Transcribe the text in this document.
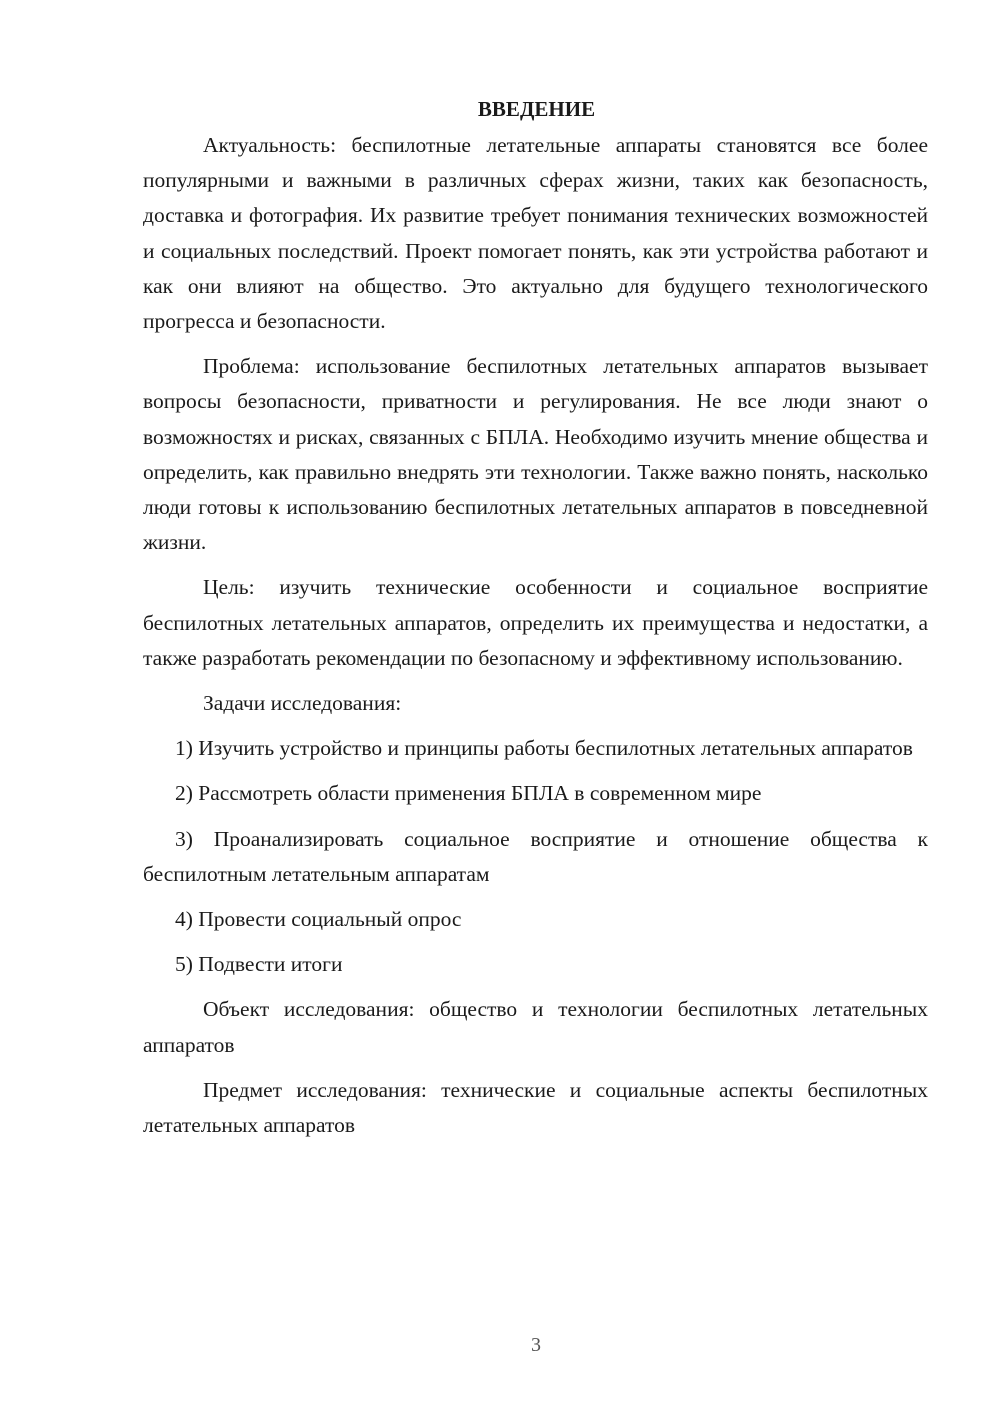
ВВЕДЕНИЕ

Актуальность: беспилотные летательные аппараты становятся все более популярными и важными в различных сферах жизни, таких как безопасность, доставка и фотография. Их развитие требует понимания технических возможностей и социальных последствий. Проект помогает понять, как эти устройства работают и как они влияют на общество. Это актуально для будущего технологического прогресса и безопасности.

Проблема: использование беспилотных летательных аппаратов вызывает вопросы безопасности, приватности и регулирования. Не все люди знают о возможностях и рисках, связанных с БПЛА. Необходимо изучить мнение общества и определить, как правильно внедрять эти технологии. Также важно понять, насколько люди готовы к использованию беспилотных летательных аппаратов в повседневной жизни.

Цель: изучить технические особенности и социальное восприятие беспилотных летательных аппаратов, определить их преимущества и недостатки, а также разработать рекомендации по безопасному и эффективному использованию.

Задачи исследования:

1) Изучить устройство и принципы работы беспилотных летательных аппаратов

2) Рассмотреть области применения БПЛА в современном мире

3) Проанализировать социальное восприятие и отношение общества к беспилотным летательным аппаратам

4) Провести социальный опрос

5) Подвести итоги

Объект исследования: общество и технологии беспилотных летательных аппаратов

Предмет исследования: технические и социальные аспекты беспилотных летательных аппаратов

3
